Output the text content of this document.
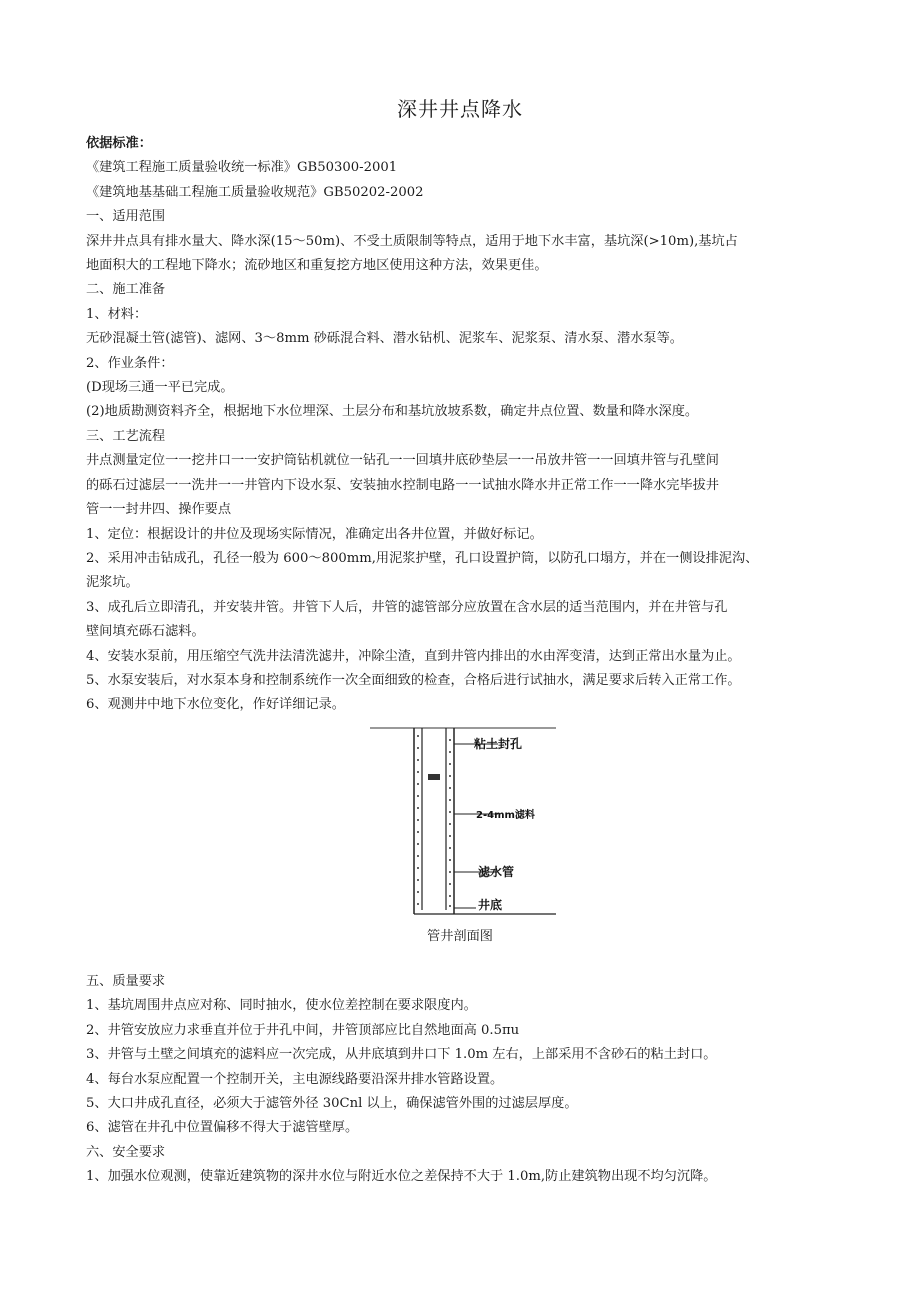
深井井点降水
依据标准：
《建筑工程施工质量验收统一标准》GB50300-2001
《建筑地基基础工程施工质量验收规范》GB50202-2002
一、适用范围
深井井点具有排水量大、降水深(15～50m)、不受土质限制等特点，适用于地下水丰富，基坑深(>10m),基坑占
地面积大的工程地下降水；流砂地区和重复挖方地区使用这种方法，效果更佳。
二、施工准备
1、材料：
无砂混凝土管(滤管)、滤网、3～8mm 砂砾混合料、潜水钻机、泥浆车、泥浆泵、清水泵、潜水泵等。
2、作业条件：
(D现场三通一平已完成。
(2)地质勘测资料齐全，根据地下水位埋深、土层分布和基坑放坡系数，确定井点位置、数量和降水深度。
三、工艺流程
井点测量定位一一挖井口一一安护筒钻机就位一钻孔一一回填井底砂垫层一一吊放井管一一回填井管与孔壁间
的砾石过滤层一一洗井一一井管内下设水泵、安装抽水控制电路一一试抽水降水井正常工作一一降水完毕拔井
管一一封井四、操作要点
1、定位：根据设计的井位及现场实际情况，准确定出各井位置，并做好标记。
2、采用冲击钻成孔，孔径一般为 600～800mm,用泥浆护壁，孔口设置护筒，以防孔口塌方，并在一侧设排泥沟、
泥浆坑。
3、成孔后立即清孔，并安装井管。井管下人后，井管的滤管部分应放置在含水层的适当范围内，并在井管与孔
壁间填充砾石滤料。
4、安装水泵前，用压缩空气洗井法清洗滤井，冲除尘渣，直到井管内排出的水由浑变清，达到正常出水量为止。
5、水泵安装后，对水泵本身和控制系统作一次全面细致的检查，合格后进行试抽水，满足要求后转入正常工作。
6、观测井中地下水位变化，作好详细记录。
粘土封孔
2-4mm滤料
滤水管
井底
管井剖面图
五、质量要求
1、基坑周围井点应对称、同时抽水，使水位差控制在要求限度内。
2、井管安放应力求垂直并位于井孔中间，井管顶部应比自然地面高 0.5πu
3、井管与土壁之间填充的滤料应一次完成，从井底填到井口下 1.0m 左右，上部采用不含砂石的粘土封口。
4、每台水泵应配置一个控制开关，主电源线路要沿深井排水管路设置。
5、大口井成孔直径，必须大于滤管外径 30Cnl 以上，确保滤管外围的过滤层厚度。
6、滤管在井孔中位置偏移不得大于滤管壁厚。
六、安全要求
1、加强水位观测，使靠近建筑物的深井水位与附近水位之差保持不大于 1.0m,防止建筑物出现不均匀沉降。
